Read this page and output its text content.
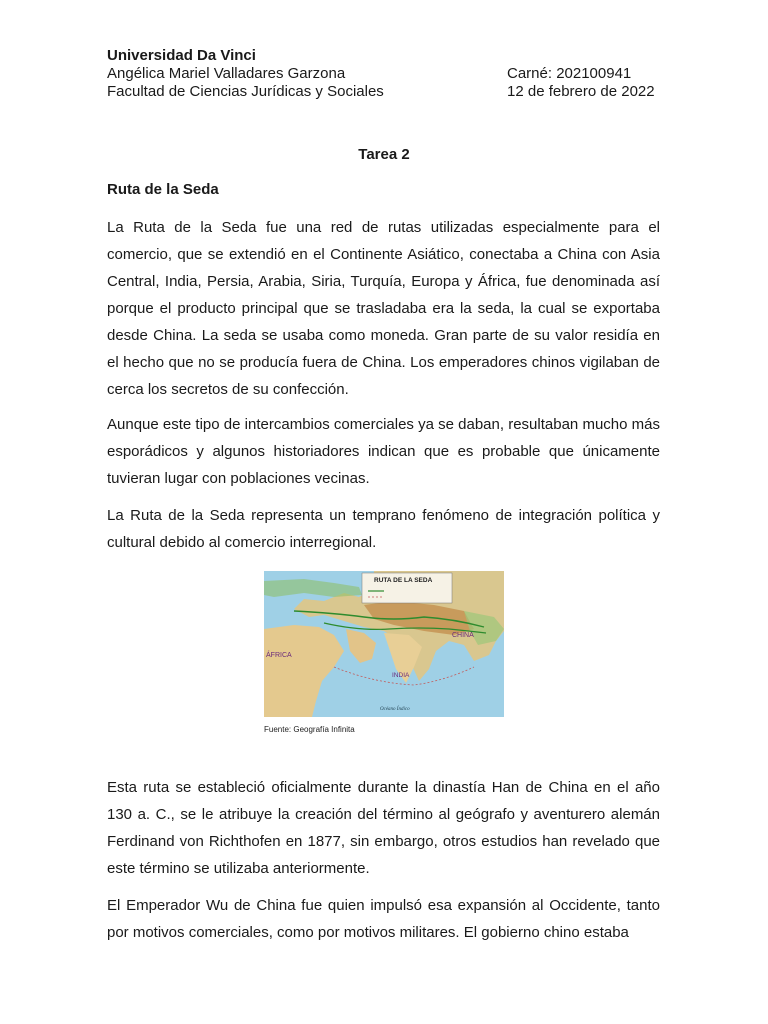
Universidad Da Vinci
Angélica Mariel Valladares Garzona
Facultad de Ciencias Jurídicas y Sociales
Carné: 202100941
12 de febrero de 2022
Tarea 2
Ruta de la Seda

La Ruta de la Seda fue una red de rutas utilizadas especialmente para el comercio, que se extendió en el Continente Asiático, conectaba a China con Asia Central, India, Persia, Arabia, Siria, Turquía, Europa y África, fue denominada así porque el producto principal que se trasladaba era la seda, la cual se exportaba desde China. La seda se usaba como moneda. Gran parte de su valor residía en el hecho que no se producía fuera de China. Los emperadores chinos vigilaban de cerca los secretos de su confección.

Aunque este tipo de intercambios comerciales ya se daban, resultaban mucho más esporádicos y algunos historiadores indican que es probable que únicamente tuvieran lugar con poblaciones vecinas.

La Ruta de la Seda representa un temprano fenómeno de integración política y cultural debido al comercio interregional.

RUTA DE LA SEDA
ÁFRICA
CHINA
INDIA
Océano Índico
Fuente: Geografía Infinita

Esta ruta se estableció oficialmente durante la dinastía Han de China en el año 130 a. C., se le atribuye la creación del término al geógrafo y aventurero alemán Ferdinand von Richthofen en 1877, sin embargo, otros estudios han revelado que este término se utilizaba anteriormente.

El Emperador Wu de China fue quien impulsó esa expansión al Occidente, tanto por motivos comerciales, como por motivos militares. El gobierno chino estaba
